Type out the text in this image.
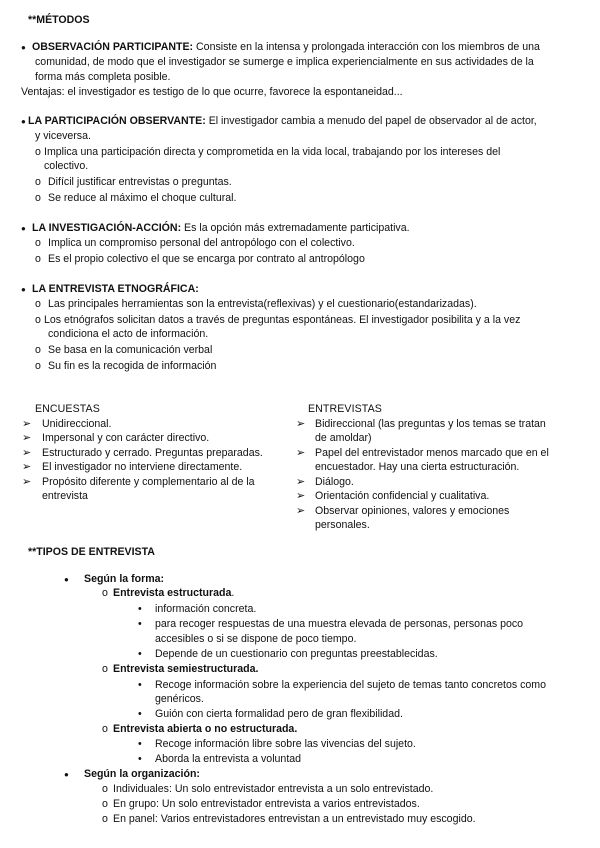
**MÉTODOS
● OBSERVACIÓN PARTICIPANTE: Consiste en la intensa y prolongada interacción con los miembros de una
comunidad, de modo que el investigador se sumerge e implica experiencialmente en sus actividades de la
forma más completa posible.
Ventajas: el investigador es testigo de lo que ocurre, favorece la espontaneidad...
● LA PARTICIPACIÓN OBSERVANTE: El investigador cambia a menudo del papel de observador al de actor,
y viceversa.
o Implica una participación directa y comprometida en la vida local, trabajando por los intereses del
colectivo.
o Difícil justificar entrevistas o preguntas.
o Se reduce al máximo el choque cultural.
● LA INVESTIGACIÓN-ACCIÓN: Es la opción más extremadamente participativa.
o Implica un compromiso personal del antropólogo con el colectivo.
o Es el propio colectivo el que se encarga por contrato al antropólogo
● LA ENTREVISTA ETNOGRÁFICA:
o Las principales herramientas son la entrevista(reflexivas) y el cuestionario(estandarizadas).
o Los etnógrafos solicitan datos a través de preguntas espontáneas. El investigador posibilita y a la vez
condiciona el acto de información.
o Se basa en la comunicación verbal
o Su fin es la recogida de información
ENCUESTAS
➢ Unidireccional.
➢ Impersonal y con carácter directivo.
➢ Estructurado y cerrado. Preguntas preparadas.
➢ El investigador no interviene directamente.
➢ Propósito diferente y complementario al de la
entrevista
ENTREVISTAS
➢ Bidireccional (las preguntas y los temas se tratan
de amoldar)
➢ Papel del entrevistador menos marcado que en el
encuestador. Hay una cierta estructuración.
➢ Diálogo.
➢ Orientación confidencial y cualitativa.
➢ Observar opiniones, valores y emociones
personales.
**TIPOS DE ENTREVISTA
● Según la forma:
o Entrevista estructurada.
• información concreta.
• para recoger respuestas de una muestra elevada de personas, personas poco
accesibles o si se dispone de poco tiempo.
• Depende de un cuestionario con preguntas preestablecidas.
o Entrevista semiestructurada.
• Recoge información sobre la experiencia del sujeto de temas tanto concretos como
genéricos.
• Guión con cierta formalidad pero de gran flexibilidad.
o Entrevista abierta o no estructurada.
• Recoge información libre sobre las vivencias del sujeto.
• Aborda la entrevista a voluntad
● Según la organización:
o Individuales: Un solo entrevistador entrevista a un solo entrevistado.
o En grupo: Un solo entrevistador entrevista a varios entrevistados.
o En panel: Varios entrevistadores entrevistan a un entrevistado muy escogido.
